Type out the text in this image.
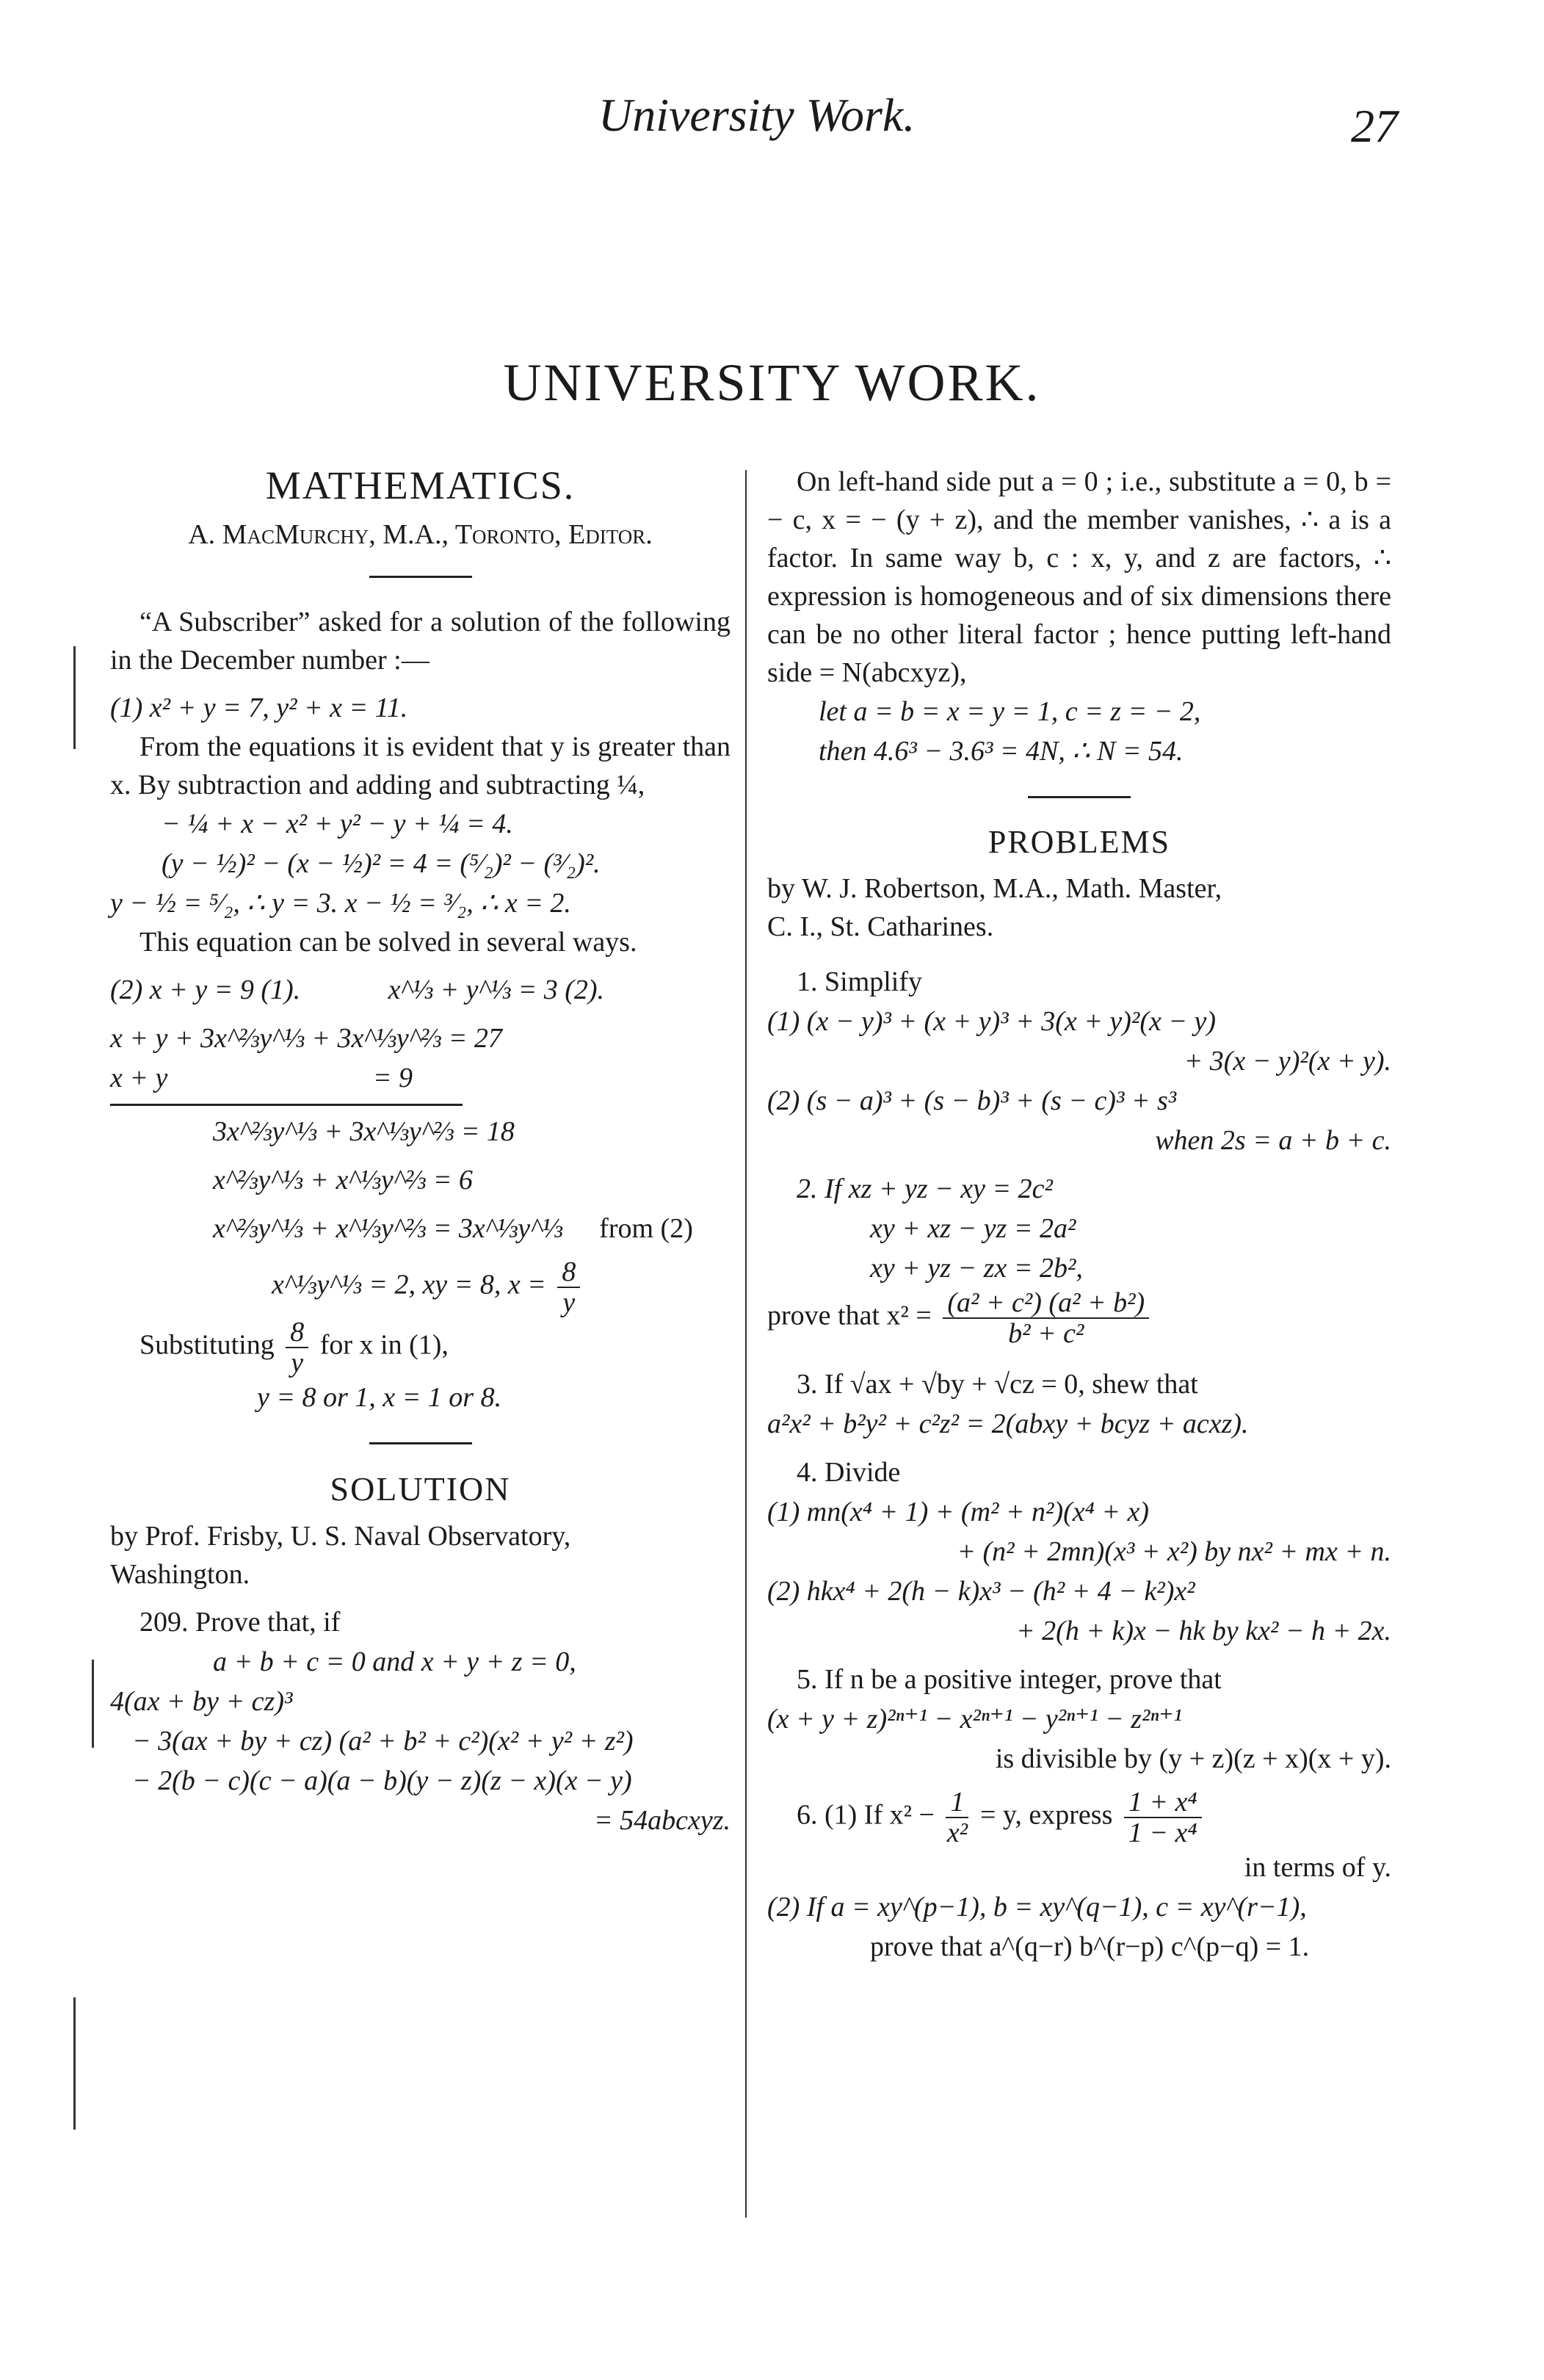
University Work.	27
UNIVERSITY WORK.
MATHEMATICS.
A. MacMurchy, M.A., Toronto, Editor.
“A Subscriber” asked for a solution of the following in the December number :—
(1) x² + y = 7, y² + x = 11.
From the equations it is evident that y is greater than x. By subtraction and adding and subtracting ¼,
− ¼ + x − x² + y² − y + ¼ = 4.
(y − ½)² − (x − ½)² = 4 = (⁵⁄₂)² − (³⁄₂)².
y − ½ = ⁵⁄₂, ∴ y = 3. x − ½ = ³⁄₂, ∴ x = 2.
This equation can be solved in several ways.
(2) x + y = 9 (1).	x^⅓ + y^⅓ = 3 (2).
x + y + 3x^⅔y^⅓ + 3x^⅓y^⅔ = 27
x + y	= 9
3x^⅔y^⅓ + 3x^⅓y^⅔ = 18
x^⅔y^⅓ + x^⅓y^⅔ = 6
x^⅔y^⅓ + x^⅓y^⅔ = 3x^⅓y^⅓ from (2)
x^⅓y^⅓ = 2, xy = 8, $x = \frac{8}{y}$
Substituting $\frac{8}{y}$ for x in (1),
y = 8 or 1, x = 1 or 8.
SOLUTION
by Prof. Frisby, U. S. Naval Observatory,
Washington.
209. Prove that, if
a + b + c = 0 and x + y + z = 0,
4(ax + by + cz)³
− 3(ax + by + cz) (a² + b² + c²)(x² + y² + z²)
− 2(b − c)(c − a)(a − b)(y − z)(z − x)(x − y)
= 54abcxyz.
On left-hand side put a = 0 ; i.e., substitute a = 0, b = − c, x = − (y + z), and the member vanishes, ∴ a is a factor. In same way b, c : x, y, and z are factors, ∴ expression is homogeneous and of six dimensions there can be no other literal factor ; hence putting left-hand side = N(abcxyz),
let a = b = x = y = 1, c = z = − 2,
then 4.6³ − 3.6³ = 4N, ∴ N = 54.
PROBLEMS
by W. J. Robertson, M.A., Math. Master,
C. I., St. Catharines.
1. Simplify
(1) (x − y)³ + (x + y)³ + 3(x + y)²(x − y)
+ 3(x − y)²(x + y).
(2) (s − a)³ + (s − b)³ + (s − c)³ + s³
when 2s = a + b + c.
2. If xz + yz − xy = 2c²
xy + xz − yz = 2a²
xy + yz − zx = 2b²,
prove that $x^2 = \frac{\text{(a² + c²) (a² + b²)}}{\text{b² + c²}}$
3. If √ax + √by + √cz = 0, shew that
a²x² + b²y² + c²z² = 2(abxy + bcyz + acxz).
4. Divide
(1) mn(x⁴ + 1) + (m² + n²)(x⁴ + x)
+ (n² + 2mn)(x³ + x²) by nx² + mx + n.
(2) hkx⁴ + 2(h − k)x³ − (h² + 4 − k²)x²
+ 2(h + k)x − hk by kx² − h + 2x.
5. If n be a positive integer, prove that
(x + y + z)²ⁿ⁺¹ − x²ⁿ⁺¹ − y²ⁿ⁺¹ − z²ⁿ⁺¹
is divisible by (y + z)(z + x)(x + y).
6. (1) If $x^2 - \frac{1}{\text{x²}} = y$, express $\frac{\text{1 + x⁴}}{\text{1 − x⁴}}$
in terms of y.
(2) If a = xy^(p−1), b = xy^(q−1), c = xy^(r−1),
prove that a^(q−r) b^(r−p) c^(p−q) = 1.
